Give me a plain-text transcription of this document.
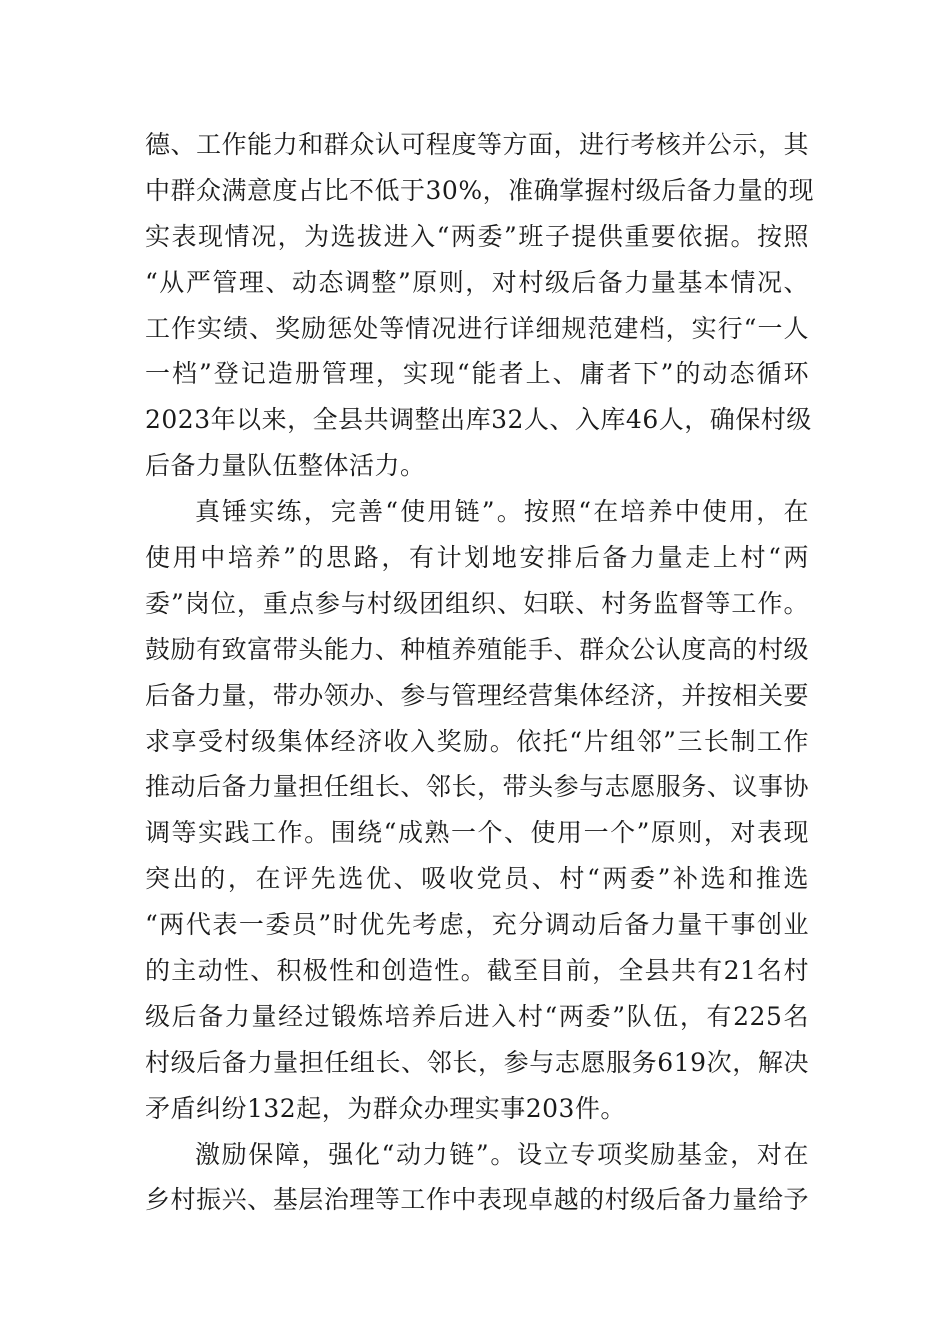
德、工作能力和群众认可程度等方面，进行考核并公示，其
中群众满意度占比不低于30%，准确掌握村级后备力量的现
实表现情况，为选拔进入“两委”班子提供重要依据。按照
“从严管理、动态调整”原则，对村级后备力量基本情况、
工作实绩、奖励惩处等情况进行详细规范建档，实行“一人
一档”登记造册管理，实现“能者上、庸者下”的动态循环
2023年以来，全县共调整出库32人、入库46人，确保村级
后备力量队伍整体活力。
真锤实练，完善“使用链”。按照“在培养中使用，在
使用中培养”的思路，有计划地安排后备力量走上村“两
委”岗位，重点参与村级团组织、妇联、村务监督等工作。
鼓励有致富带头能力、种植养殖能手、群众公认度高的村级
后备力量，带办领办、参与管理经营集体经济，并按相关要
求享受村级集体经济收入奖励。依托“片组邻”三长制工作
推动后备力量担任组长、邻长，带头参与志愿服务、议事协
调等实践工作。围绕“成熟一个、使用一个”原则，对表现
突出的，在评先选优、吸收党员、村“两委”补选和推选
“两代表一委员”时优先考虑，充分调动后备力量干事创业
的主动性、积极性和创造性。截至目前，全县共有21名村
级后备力量经过锻炼培养后进入村“两委”队伍，有225名
村级后备力量担任组长、邻长，参与志愿服务619次，解决
矛盾纠纷132起，为群众办理实事203件。
激励保障，强化“动力链”。设立专项奖励基金，对在
乡村振兴、基层治理等工作中表现卓越的村级后备力量给予
